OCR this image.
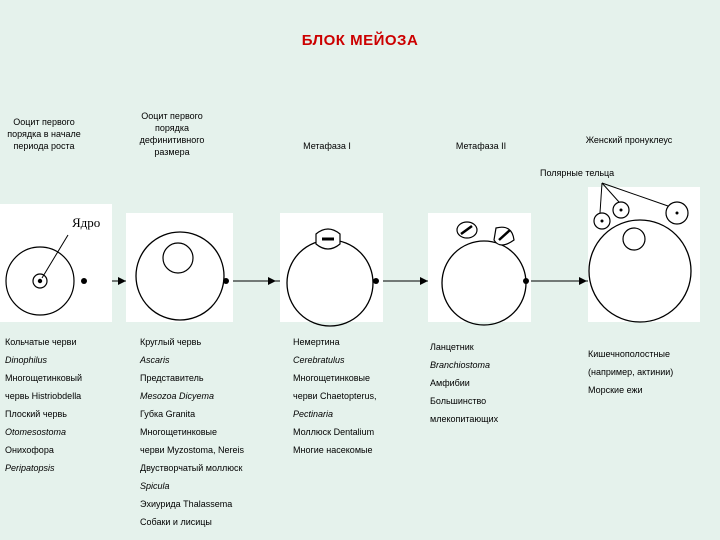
БЛОК МЕЙОЗА
Ооцит первого
порядка в начале
периода роста
Ооцит первого
порядка
дефинитивного
размера
Метафаза I	Метафаза II
Женский пронуклеус
Ядро
Полярные тельца
Кольчатые черви
Dinophilus
Многощетинковый
червь Histriobdella
Плоский червь
Otomesostoma
Онихофора
Peripatopsis
Круглый червь
Ascaris
Представитель
Mesozoa Dicyema
Губка Granita
Многощетинковые
черви Myzostoma, Nereis
Двустворчатый моллюск
Spicula
Эхиурида Thalassema
Собаки и лисицы
Немертина
Cerebratulus
Многощетинковые
черви Chaetopterus,
Pectinaria
Моллюск Dentalium
Многие насекомые
Ланцетник
Branchiostoma
Амфибии
Большинство
млекопитающих
Кишечнополостные
(например, актинии)
Морские ежи
